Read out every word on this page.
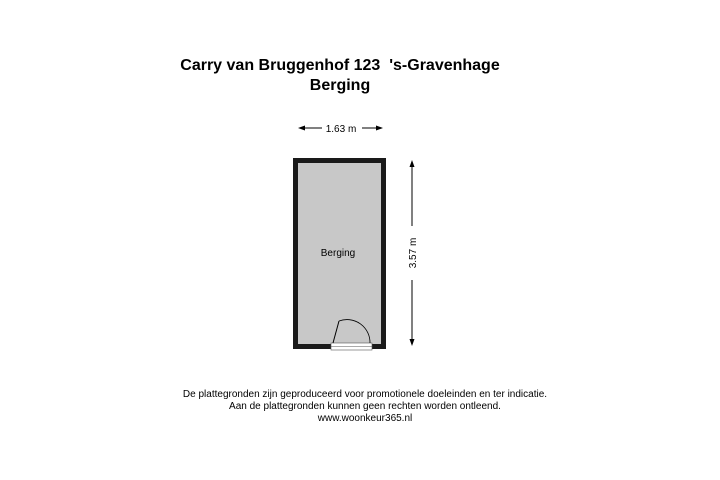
Carry van Bruggenhof 123  's-Gravenhage
Berging
1.63 m
3.57 m
Berging
De plattegronden zijn geproduceerd voor promotionele doeleinden en ter indicatie.
Aan de plattegronden kunnen geen rechten worden ontleend.
www.woonkeur365.nl
